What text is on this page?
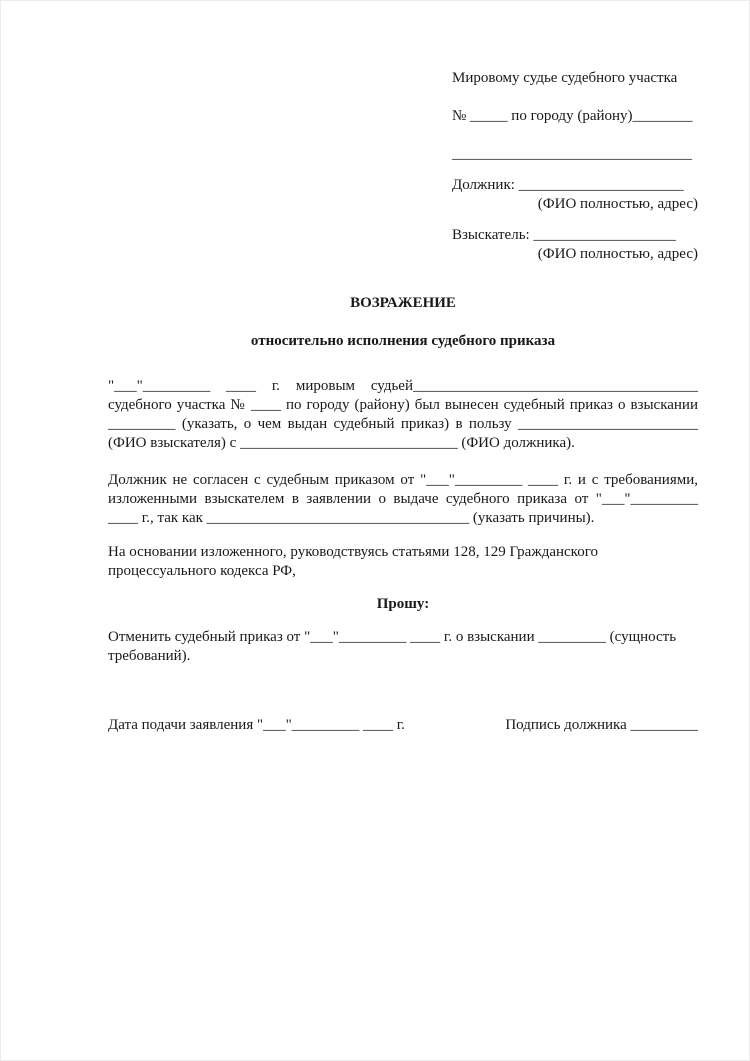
Мировому судье судебного участка
№ _____ по городу (району)________
________________________________
Должник: ______________________
(ФИО полностью, адрес)
Взыскатель: ___________________
(ФИО полностью, адрес)
ВОЗРАЖЕНИЕ
относительно исполнения судебного приказа
"___"_________ ____ г. мировым судьей______________________________________ судебного участка № ____ по городу (району) был вынесен судебный приказ о взыскании _________ (указать, о чем выдан судебный приказ) в пользу ________________________ (ФИО взыскателя) с _____________________________ (ФИО должника).
Должник не согласен с судебным приказом от "___"_________ ____ г. и с требованиями, изложенными взыскателем в заявлении о выдаче судебного приказа от "___"_________ ____ г., так как ___________________________________ (указать причины).
На основании изложенного, руководствуясь статьями 128, 129 Гражданского процессуального кодекса РФ,
Прошу:
Отменить судебный приказ от "___"_________ ____ г. о взыскании _________ (сущность требований).
Дата подачи заявления "___"_________ ____ г.	Подпись должника _________
